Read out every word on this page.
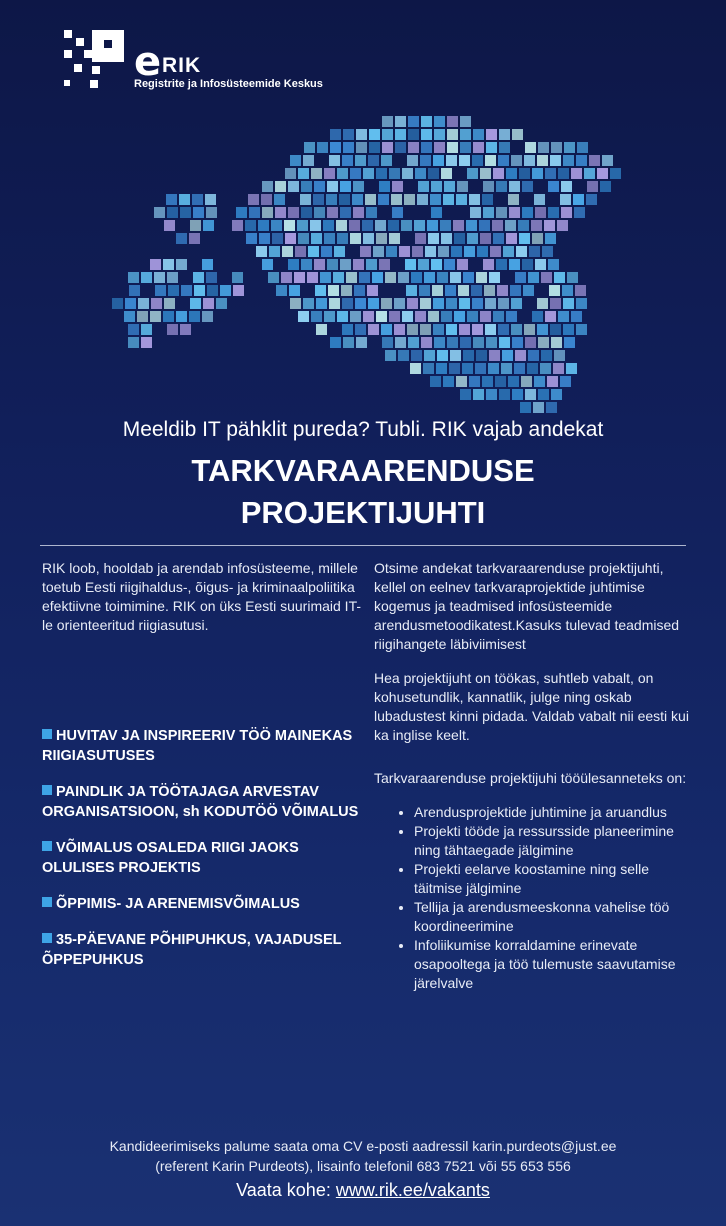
e RIK
Registrite ja Infosüsteemide Keskus
Meeldib IT pähklit pureda? Tubli. RIK vajab andekat
TARKVARAARENDUSE
PROJEKTIJUHTI

RIK loob, hooldab ja arendab infosüsteeme, millele toetub Eesti riigihaldus-, õigus- ja kriminaalpoliitika efektiivne toimimine. RIK on üks Eesti suurimaid IT-le orienteeritud riigiasutusi.

HUVITAV JA INSPIREERIV TÖÖ MAINEKAS RIIGIASUTUSES
PAINDLIK JA TÖÖTAJAGA ARVESTAV ORGANISATSIOON, sh KODUTÖÖ VÕIMALUS
VÕIMALUS OSALEDA RIIGI JAOKS OLULISES PROJEKTIS
ÕPPIMIS- JA ARENEMISVÕIMALUS
35-PÄEVANE PÕHIPUHKUS, VAJADUSEL ÕPPEPUHKUS

Otsime andekat tarkvaraarenduse projektijuhti, kellel on eelnev tarkvaraprojektide juhtimise kogemus ja teadmised infosüsteemide arendusmetoodikatest.Kasuks tulevad teadmised riigihangete läbiviimisest

Hea projektijuht on töökas, suhtleb vabalt, on kohusetundlik, kannatlik, julge ning oskab lubadustest kinni pidada. Valdab vabalt nii eesti kui ka inglise keelt.

Tarkvaraarenduse projektijuhi tööülesanneteks on:

• Arendusprojektide juhtimine ja aruandlus
• Projekti tööde ja ressursside planeerimine ning tähtaegade jälgimine
• Projekti eelarve koostamine ning selle täitmise jälgimine
• Tellija ja arendusmeeskonna vahelise töö koordineerimine
• Infoliikumise korraldamine erinevate osapooltega ja töö tulemuste saavutamise järelvalve
Kandideerimiseks palume saata oma CV e-posti aadressil karin.purdeots@just.ee
(referent Karin Purdeots), lisainfo telefonil 683 7521 või 55 653 556
Vaata kohe: www.rik.ee/vakants
